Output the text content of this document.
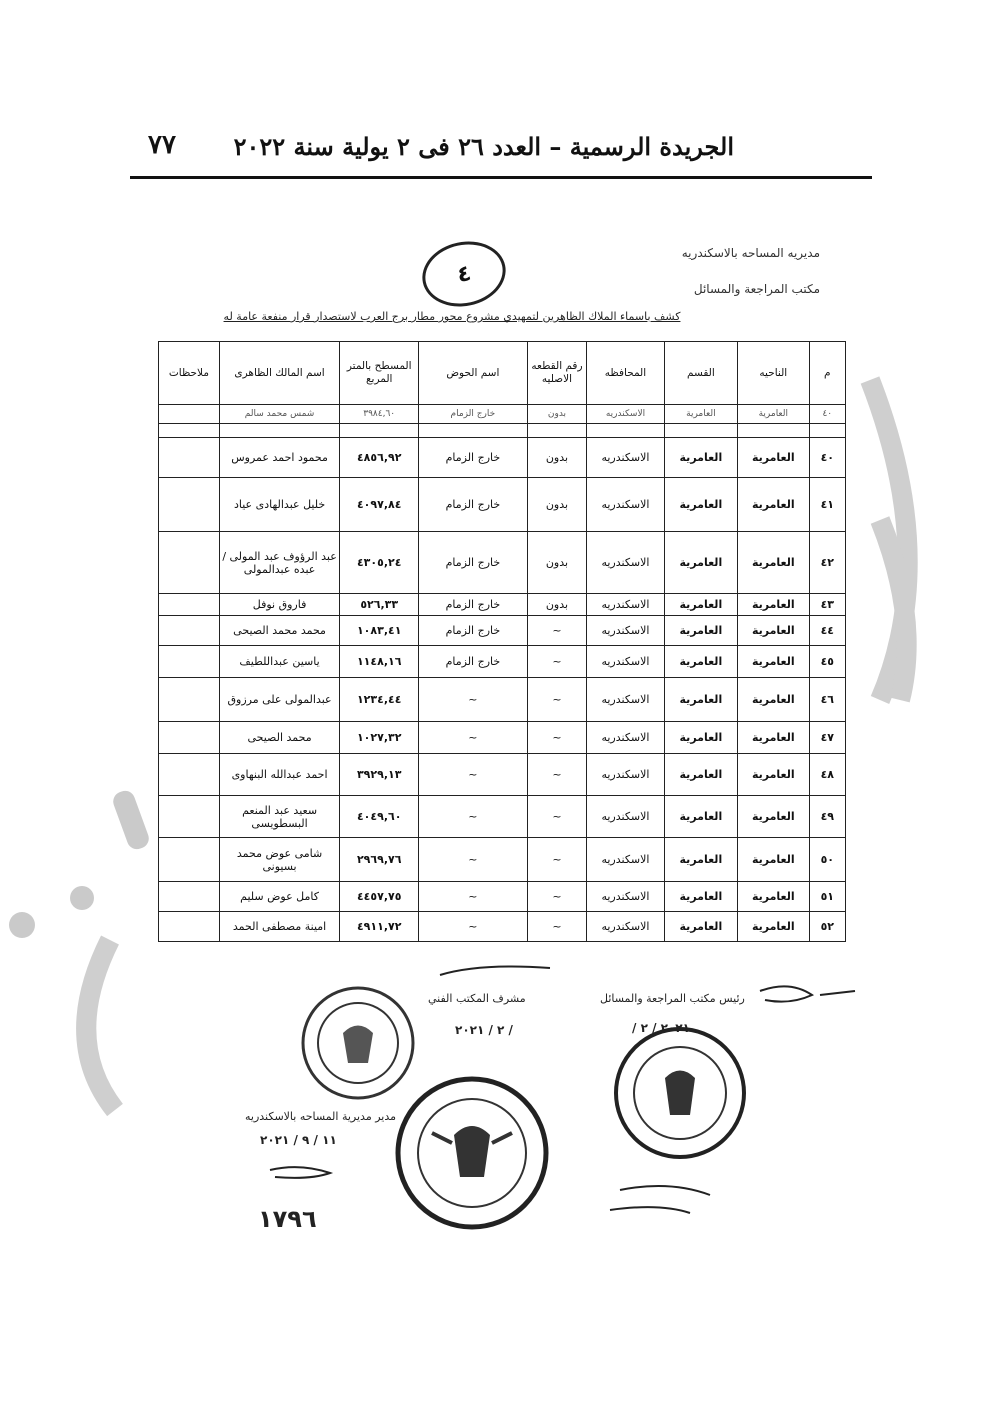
الجريدة الرسمية – العدد ٢٦ فى ٢ يولية سنة ٢٠٢٢
٧٧
مديريه المساحه بالاسكندريه
مكتب المراجعة والمسائل
٤
كشف باسماء الملاك الظاهرين لتمهيدي مشروع محور مطار برج العرب لاستصدار قرار منفعة عامة له
م	الناحيه	القسم	المحافظه	رقم القطعه الاصليه	اسم الحوض	المسطح بالمتر المربع	اسم المالك الظاهرى	ملاحظات
٤٠	العامرية	العامرية	الاسكندريه	بدون	خارج الزمام	٣٩٨٤,٦٠	شمس محمد سالم	

٤٠	العامرية	العامرية	الاسكندريه	بدون	خارج الزمام	٤٨٥٦,٩٢	محمود احمد عمروس	
٤١	العامرية	العامرية	الاسكندريه	بدون	خارج الزمام	٤٠٩٧,٨٤	خليل عبدالهادى عياد	
٤٢	العامرية	العامرية	الاسكندريه	بدون	خارج الزمام	٤٣٠٥,٢٤	عبد الرؤوف عبد المولى / عبده عبدالمولى	
٤٣	العامرية	العامرية	الاسكندريه	بدون	خارج الزمام	٥٢٦,٣٣	فاروق نوفل	
٤٤	العامرية	العامرية	الاسكندريه	~	خارج الزمام	١٠٨٣,٤١	محمد محمد الصيحى	
٤٥	العامرية	العامرية	الاسكندريه	~	خارج الزمام	١١٤٨,١٦	ياسين عبداللطيف	
٤٦	العامرية	العامرية	الاسكندريه	~	~	١٢٣٤,٤٤	عبدالمولى على مرزوق	
٤٧	العامرية	العامرية	الاسكندريه	~	~	١٠٢٧,٣٢	محمد الصيحى	
٤٨	العامرية	العامرية	الاسكندريه	~	~	٣٩٢٩,١٣	احمد عبدالله البنهاوى	
٤٩	العامرية	العامرية	الاسكندريه	~	~	٤٠٤٩,٦٠	سعيد عبد المنعم البسطويسى	
٥٠	العامرية	العامرية	الاسكندريه	~	~	٢٩٦٩,٧٦	شامى عوض محمد بسيونى	
٥١	العامرية	العامرية	الاسكندريه	~	~	٤٤٥٧,٧٥	كامل عوض سليم	
٥٢	العامرية	العامرية	الاسكندريه	~	~	٤٩١١,٧٢	امينة مصطفى الحمد	
رئيس مكتب المراجعة والمسائل
مشرف المكتب الفني
مدير مديرية المساحه بالاسكندريه
/ ٢ / ٢٠٢١	٢٠٢١ / ٢ /
١١ / ٩ / ٢٠٢١
١٧٩٦
